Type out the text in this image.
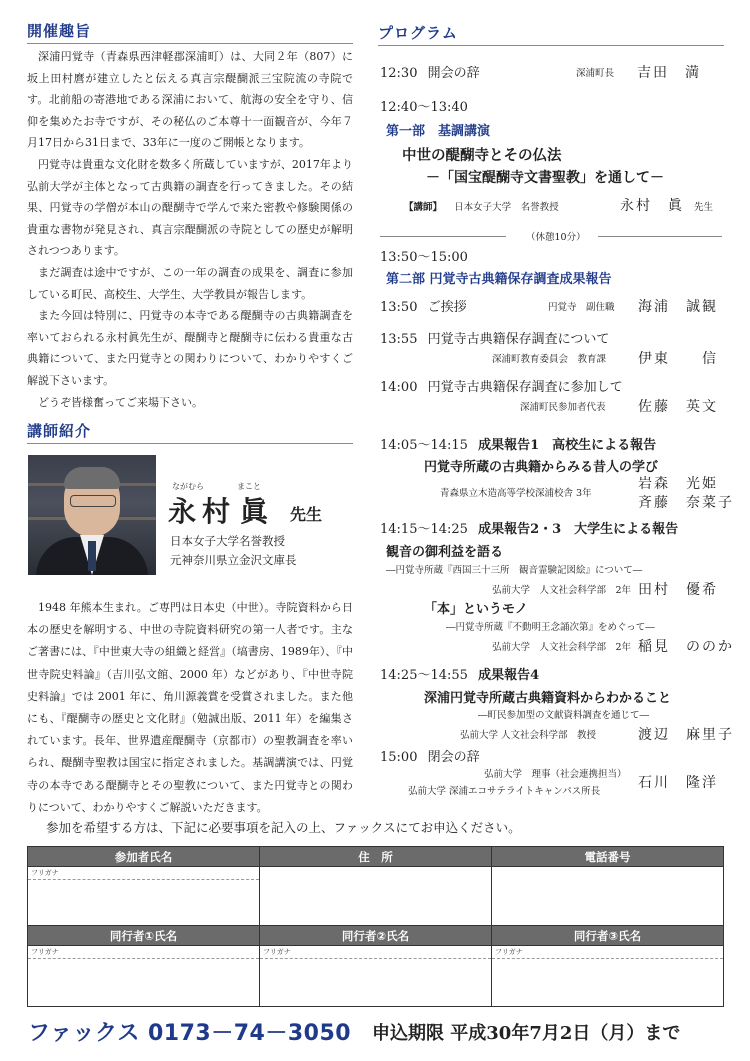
開催趣旨

深浦円覚寺（青森県西津軽郡深浦町）は、大同２年（807）に坂上田村麿が建立したと伝える真言宗醍醐派三宝院流の寺院です。北前船の寄港地である深浦において、航海の安全を守り、信仰を集めたお寺ですが、その秘仏のご本尊十一面観音が、今年７月17日から31日まで、33年に一度のご開帳となります。

円覚寺は貴重な文化財を数多く所蔵していますが、2017年より弘前大学が主体となって古典籍の調査を行ってきました。その結果、円覚寺の学僧が本山の醍醐寺で学んで来た密教や修験関係の貴重な書物が発見され、真言宗醍醐派の寺院としての歴史が解明されつつあります。

まだ調査は途中ですが、この一年の調査の成果を、調査に参加している町民、高校生、大学生、大学教員が報告します。

また今回は特別に、円覚寺の本寺である醍醐寺の古典籍調査を率いておられる永村眞先生が、醍醐寺と醍醐寺に伝わる貴重な古典籍について、また円覚寺との関わりについて、わかりやすくご解説下さいます。

どうぞ皆様奮ってご来場下さい。

講師紹介
ながむら	まこと
永村 眞 先生
日本女子大学名誉教授
元神奈川県立金沢文庫長

1948 年熊本生まれ。ご専門は日本史（中世）。寺院資料から日本の歴史を解明する、中世の寺院資料研究の第一人者です。主なご著書には、『中世東大寺の組織と経営』（塙書房、1989年）、『中世寺院史料論』（吉川弘文館、2000 年）などがあり、『中世寺院史料論』では 2001 年に、角川源義賞を受賞されました。また他にも、『醍醐寺の歴史と文化財』（勉誠出版、2011 年）を編集されています。長年、世界遺産醍醐寺（京都市）の聖教調査を率いられ、醍醐寺聖教は国宝に指定されました。基調講演では、円覚寺の本寺である醍醐寺とその聖教について、また円覚寺との関わりについて、わかりやすくご解説いただきます。

プログラム
12:30 開会の辞	深浦町長 吉田　満
12:40～13:40
第一部　基調講演
中世の醍醐寺とその仏法
－「国宝醍醐寺文書聖教」を通して－
【講師】 日本女子大学　名誉教授	永村　眞 先生
（休憩10分）
13:50～15:00
第二部 円覚寺古典籍保存調査成果報告
13:50 ご挨拶	円覚寺　副住職 海浦　誠観
13:55 円覚寺古典籍保存調査について
深浦町教育委員会　教育課 伊東　　信
14:00 円覚寺古典籍保存調査に参加して
深浦町民参加者代表 佐藤　英文
14:05～14:15 成果報告1　高校生による報告
円覚寺所蔵の古典籍からみる昔人の学び
青森県立木造高等学校深浦校舎 3年
岩森　光姫
斉藤　奈菜子
14:15～14:25 成果報告2・3　大学生による報告
観音の御利益を語る
―円覚寺所蔵『西国三十三所　観音霊験記図絵』について―
弘前大学　人文社会科学部　2年 田村　優希
「本」というモノ
―円覚寺所蔵『不動明王念誦次第』をめぐって―
弘前大学　人文社会科学部　2年 稲見　ののか
14:25～14:55 成果報告4
深浦円覚寺所蔵古典籍資料からわかること
―町民参加型の文献資料調査を通じて―
弘前大学 人文社会科学部　教授	渡辺　麻里子
15:00 閉会の辞
弘前大学　理事（社会連携担当）
弘前大学 深浦エコサテライトキャンパス所長
石川　隆洋
参加を希望する方は、下記に必要事項を記入の上、ファックスにてお申込ください。
参加者氏名	住　所	電話番号

フリガナ		

同行者①氏名	同行者②氏名	同行者③氏名

フリガナ	フリガナ	フリガナ
ファックス 0173－74－3050 申込期限 平成30年7月2日（月）まで
